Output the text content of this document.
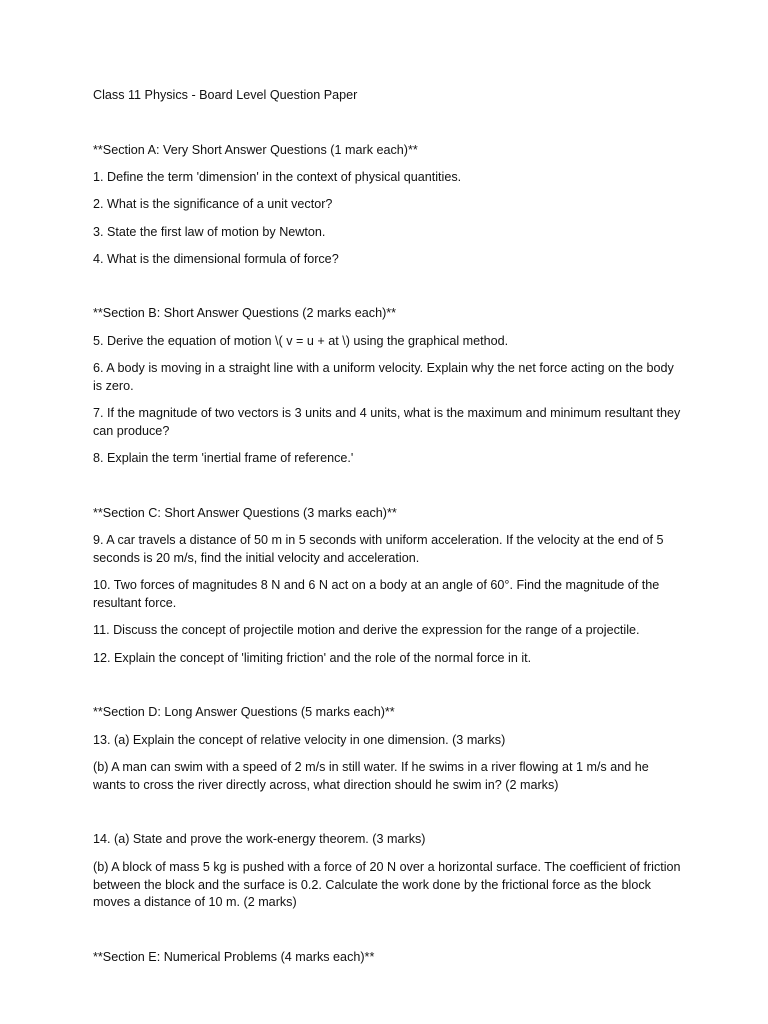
Class 11 Physics - Board Level Question Paper

**Section A: Very Short Answer Questions (1 mark each)**

1. Define the term 'dimension' in the context of physical quantities.

2. What is the significance of a unit vector?

3. State the first law of motion by Newton.

4. What is the dimensional formula of force?

**Section B: Short Answer Questions (2 marks each)**

5. Derive the equation of motion \( v = u + at \) using the graphical method.

6. A body is moving in a straight line with a uniform velocity. Explain why the net force acting on the body is zero.

7. If the magnitude of two vectors is 3 units and 4 units, what is the maximum and minimum resultant they can produce?

8. Explain the term 'inertial frame of reference.'

**Section C: Short Answer Questions (3 marks each)**

9. A car travels a distance of 50 m in 5 seconds with uniform acceleration. If the velocity at the end of 5 seconds is 20 m/s, find the initial velocity and acceleration.

10. Two forces of magnitudes 8 N and 6 N act on a body at an angle of 60°. Find the magnitude of the resultant force.

11. Discuss the concept of projectile motion and derive the expression for the range of a projectile.

12. Explain the concept of 'limiting friction' and the role of the normal force in it.

**Section D: Long Answer Questions (5 marks each)**

13. (a) Explain the concept of relative velocity in one dimension. (3 marks)

(b) A man can swim with a speed of 2 m/s in still water. If he swims in a river flowing at 1 m/s and he wants to cross the river directly across, what direction should he swim in? (2 marks)

14. (a) State and prove the work-energy theorem. (3 marks)

(b) A block of mass 5 kg is pushed with a force of 20 N over a horizontal surface. The coefficient of friction between the block and the surface is 0.2. Calculate the work done by the frictional force as the block moves a distance of 10 m. (2 marks)

**Section E: Numerical Problems (4 marks each)**
